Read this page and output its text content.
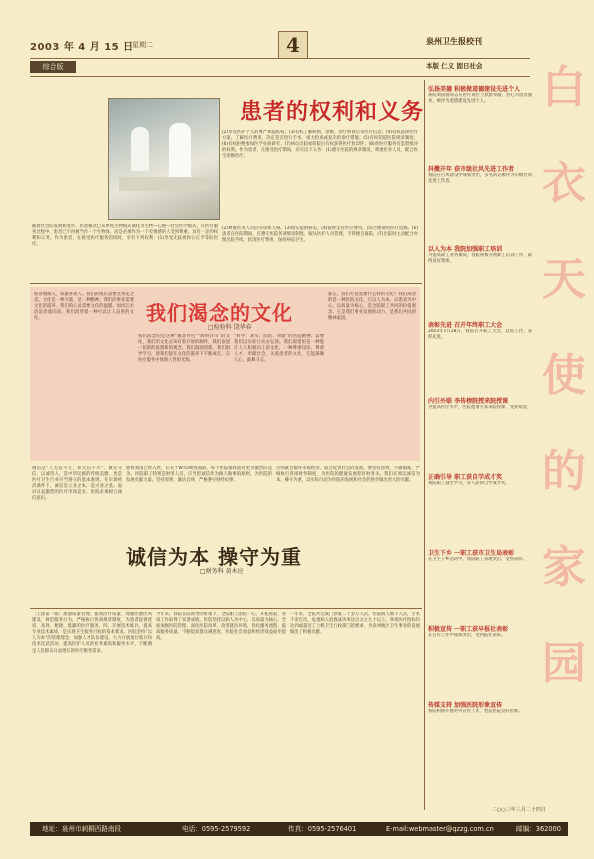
2003 年 4 月 15 日
星期二	4	泉州卫生报校刊
综合版	本版 仁义 固日社会
患者的权利和义务
(2)享受医护个人的尊严和隐私权；(3)有权了解病情、诊断、治疗和预后等医疗信息；(4)有权选择医疗方案，了解医疗费用，决定是否进行手术，重大检查或复杂的诊疗措施；(5)有权知道医院规章制度；(6)有权拒绝参加医学实验研究；(7)病员出院或转院后有权获得医疗复印件；(8)对医疗服务有监督批评的权利。作为患者，在接受治疗期间，应尽以下义务：(1)遵守医院的规章制度，尊重医务人员，配合医生诊断治疗。
随着社会的发展和进步，医患模式已从单纯生物模式演化为生物—心理—社会医学模式，在医疗服务过程中，患者已不再被当作一个生物体，而是必须作为一个有情感的人受到尊重。具有一定的权利和义务。作为患者，在接受医疗服务的同时，享有下列权利：(1)享受无歧视和公正平等的医疗。
(2)尊重医务人员的劳动和人格。(3)如实提供病史。(4)按时支付医疗费用。(5)合理使用医疗资源。(6)患者在住院期间，应遵守医院各项规章制度，服从医护人员管理，不得擅自离院。(7)出院时主动配合办理出院手续，结清医疗费用，保持病房卫生。
我们渴念的文化
□检验科 饶华春
惊喜地闻入，我最喜欢人。我们的成长需要这黄花之美。文化是一种力量，是一种精神。我们的事业需要文化的滋养，我们的心灵需要文化的温暖。如同江水滔滔奔流向前，我们渴望着一种可以让人奋进的文化。
我们渴念的是这种“兼容并包”“海纳百川”的文化，我们的文化应该有着开放的胸怀，我们欢迎一切新的思想新的观念，我们鼓励创新，我们倡导学习，使我们能在文化的滋养下不断成长，在医疗服务中体现人性的光辉。
“科学、求实、团结、奉献”的医院精神，需要我们以实际行动去弘扬。我们渴望的是一种能让人人积极向上的文化，一种尊重知识、尊重人才、奉献社会、关爱患者的文化，它能凝聚人心，鼓舞斗志。
那么，我们究竟需要什么样的文化？我们渴望的是一种医院文化，它以人为本，以患者为中心，以质量为核心，是全院职工共同的价值观念。它是我们事业发展的动力，是我们共同的精神家园。
诚信是“人无信不立，业无信不兴”，诚实守信，以诚待人，是中华民族的传统美德，也是医疗卫生行业应当恪守的基本准则。在市场经济条件下，诚信是立业之本，是兴业之基。面对日益激烈的医疗市场竞争，医院必须树立诚信意识。
诚信为本 操守为重
□财务科 黄木应
加快我国已经入世，在关于WTO规则面前，每个医院都将面对更为激烈的竞争。医院职工特别是财务人员，应当把诚信作为做人做事的准则，为医院的发展贡献力量。坚持原则，廉洁自律，严格遵守财经纪律。
否则就会破坏市场经济，就会危害社会的发展。要坚持原则，不做假账，严格执行各项财务制度，为医院的健康发展把好财务关。我们必须以诚信为本，操守为重，以实际行动为医院的发展和社会的进步做出更大的贡献。
〔上接第一版〕加强质量管理，提高医疗质量，加强医德医风建设，规范服务行为，严格执行各项规章制度，为患者提供优质、高效、便捷、低廉的医疗服务。四、开展技术练兵，提高专业技术素质，是实现卫生服务目标的基本要求。医院坚持“以人为本”的管理理念，加强人才队伍建设，大力开展岗位练兵和技术比武活动，提高医护人员的业务素质和服务水平，不断满足人民群众日益增长的医疗服务需求。
今年来，我院在院领导的带领下，全院职工团结一心，开拓进取，各项工作取得了显著成绩。医院坚持以病人为中心，以质量为核心，全面加强医院管理，深化医院改革，改善就医环境，优化服务流程，提高服务质量，不断提高群众满意度，医院社会效益和经济效益稳步提高。
一年来，全院共完成门诊量二十多万人次，住院病人数千人次，手术千余台次，危重病人抢救成功率达百分之九十以上。各项医疗指标均达到或超过了上级卫生行政部门的要求，为泉州地区卫生事业的发展做出了积极贡献。
弘扬美德 积极做道德建设先进个人
我院刘晨群同志在医疗岗位上默默奉献，热心为患者服务，被评为道德建设先进个人。
抖擞开年 获市级社风先进工作者
我院在行风建设中成绩突出，多名同志被评为市级社风先进工作者。
以人为本 我院加强职工培训
为提高职工业务素质，我院积极开展职工培训工作，取得良好效果。
表彰先进 召开年终职工大会
2003年1月28日，我院召开职工大会，总结工作，表彰先进。
内引外联 李传榜院授来院授课
为提高医疗水平，医院邀请专家来院授课，受到欢迎。
正确引导 职工获自学成才奖
我院职工刻苦学习，多人获得自学成才奖。
卫生下乡 一职工获市卫生局表彰
在卫生下乡活动中，我院职工表现突出，受到表彰。
积极宣传 一职工获早报社表彰
在宣传工作中成绩突出，受到报社表彰。
传媒支持 加强医院形象宣传
我院积极开展对外宣传工作，塑造医院良好形象。
白衣天使的家园
二○○三年三月二十四日
地址：泉州市刺桐西路南段	电话：0595-2579592	传真：0595-2576401	E-mail:webmaster@qzzg.com.cn	邮编：362000
